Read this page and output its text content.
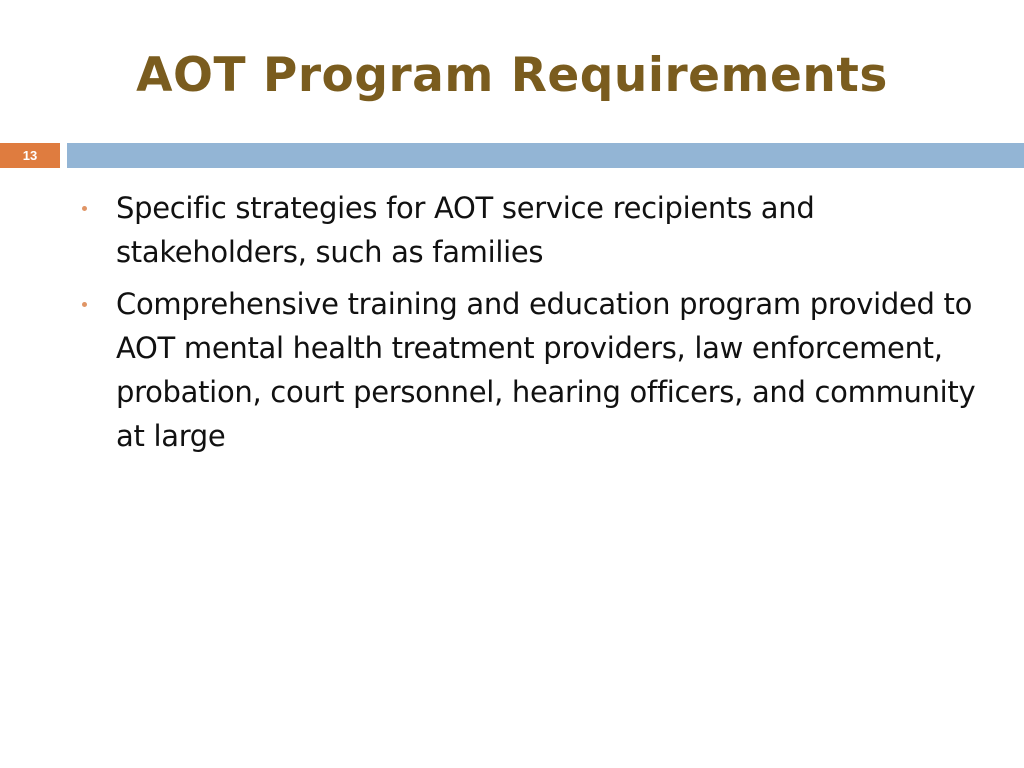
AOT Program Requirements
13
Specific strategies for AOT service recipients and stakeholders, such as families
Comprehensive training and education program provided to AOT mental health treatment providers, law enforcement, probation, court personnel, hearing officers, and community at large
